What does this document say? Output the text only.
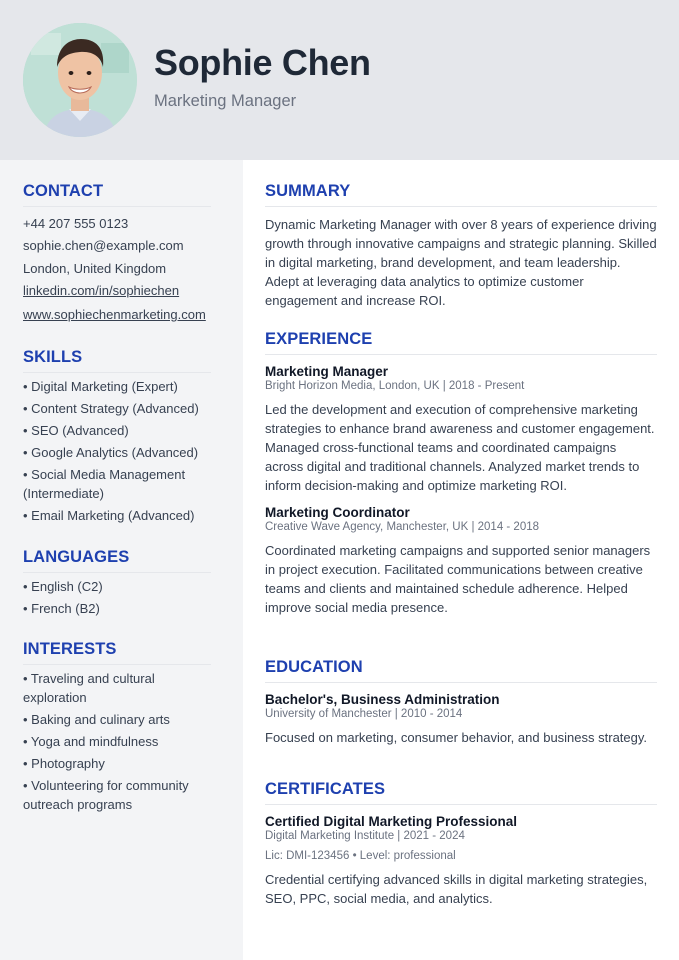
Sophie Chen
Marketing Manager
CONTACT
+44 207 555 0123
sophie.chen@example.com
London, United Kingdom
linkedin.com/in/sophiechen
www.sophiechenmarketing.com
SKILLS
• Digital Marketing (Expert)
• Content Strategy (Advanced)
• SEO (Advanced)
• Google Analytics (Advanced)
• Social Media Management (Intermediate)
• Email Marketing (Advanced)
LANGUAGES
• English (C2)
• French (B2)
INTERESTS
• Traveling and cultural exploration
• Baking and culinary arts
• Yoga and mindfulness
• Photography
• Volunteering for community outreach programs
SUMMARY
Dynamic Marketing Manager with over 8 years of experience driving growth through innovative campaigns and strategic planning. Skilled in digital marketing, brand development, and team leadership. Adept at leveraging data analytics to optimize customer engagement and increase ROI.
EXPERIENCE
Marketing Manager
Bright Horizon Media, London, UK | 2018 - Present
Led the development and execution of comprehensive marketing strategies to enhance brand awareness and customer engagement. Managed cross-functional teams and coordinated campaigns across digital and traditional channels. Analyzed market trends to inform decision-making and optimize marketing ROI.
Marketing Coordinator
Creative Wave Agency, Manchester, UK | 2014 - 2018
Coordinated marketing campaigns and supported senior managers in project execution. Facilitated communications between creative teams and clients and maintained schedule adherence. Helped improve social media presence.
EDUCATION
Bachelor's, Business Administration
University of Manchester | 2010 - 2014
Focused on marketing, consumer behavior, and business strategy.
CERTIFICATES
Certified Digital Marketing Professional
Digital Marketing Institute | 2021 - 2024
Lic: DMI-123456 • Level: professional
Credential certifying advanced skills in digital marketing strategies, SEO, PPC, social media, and analytics.
